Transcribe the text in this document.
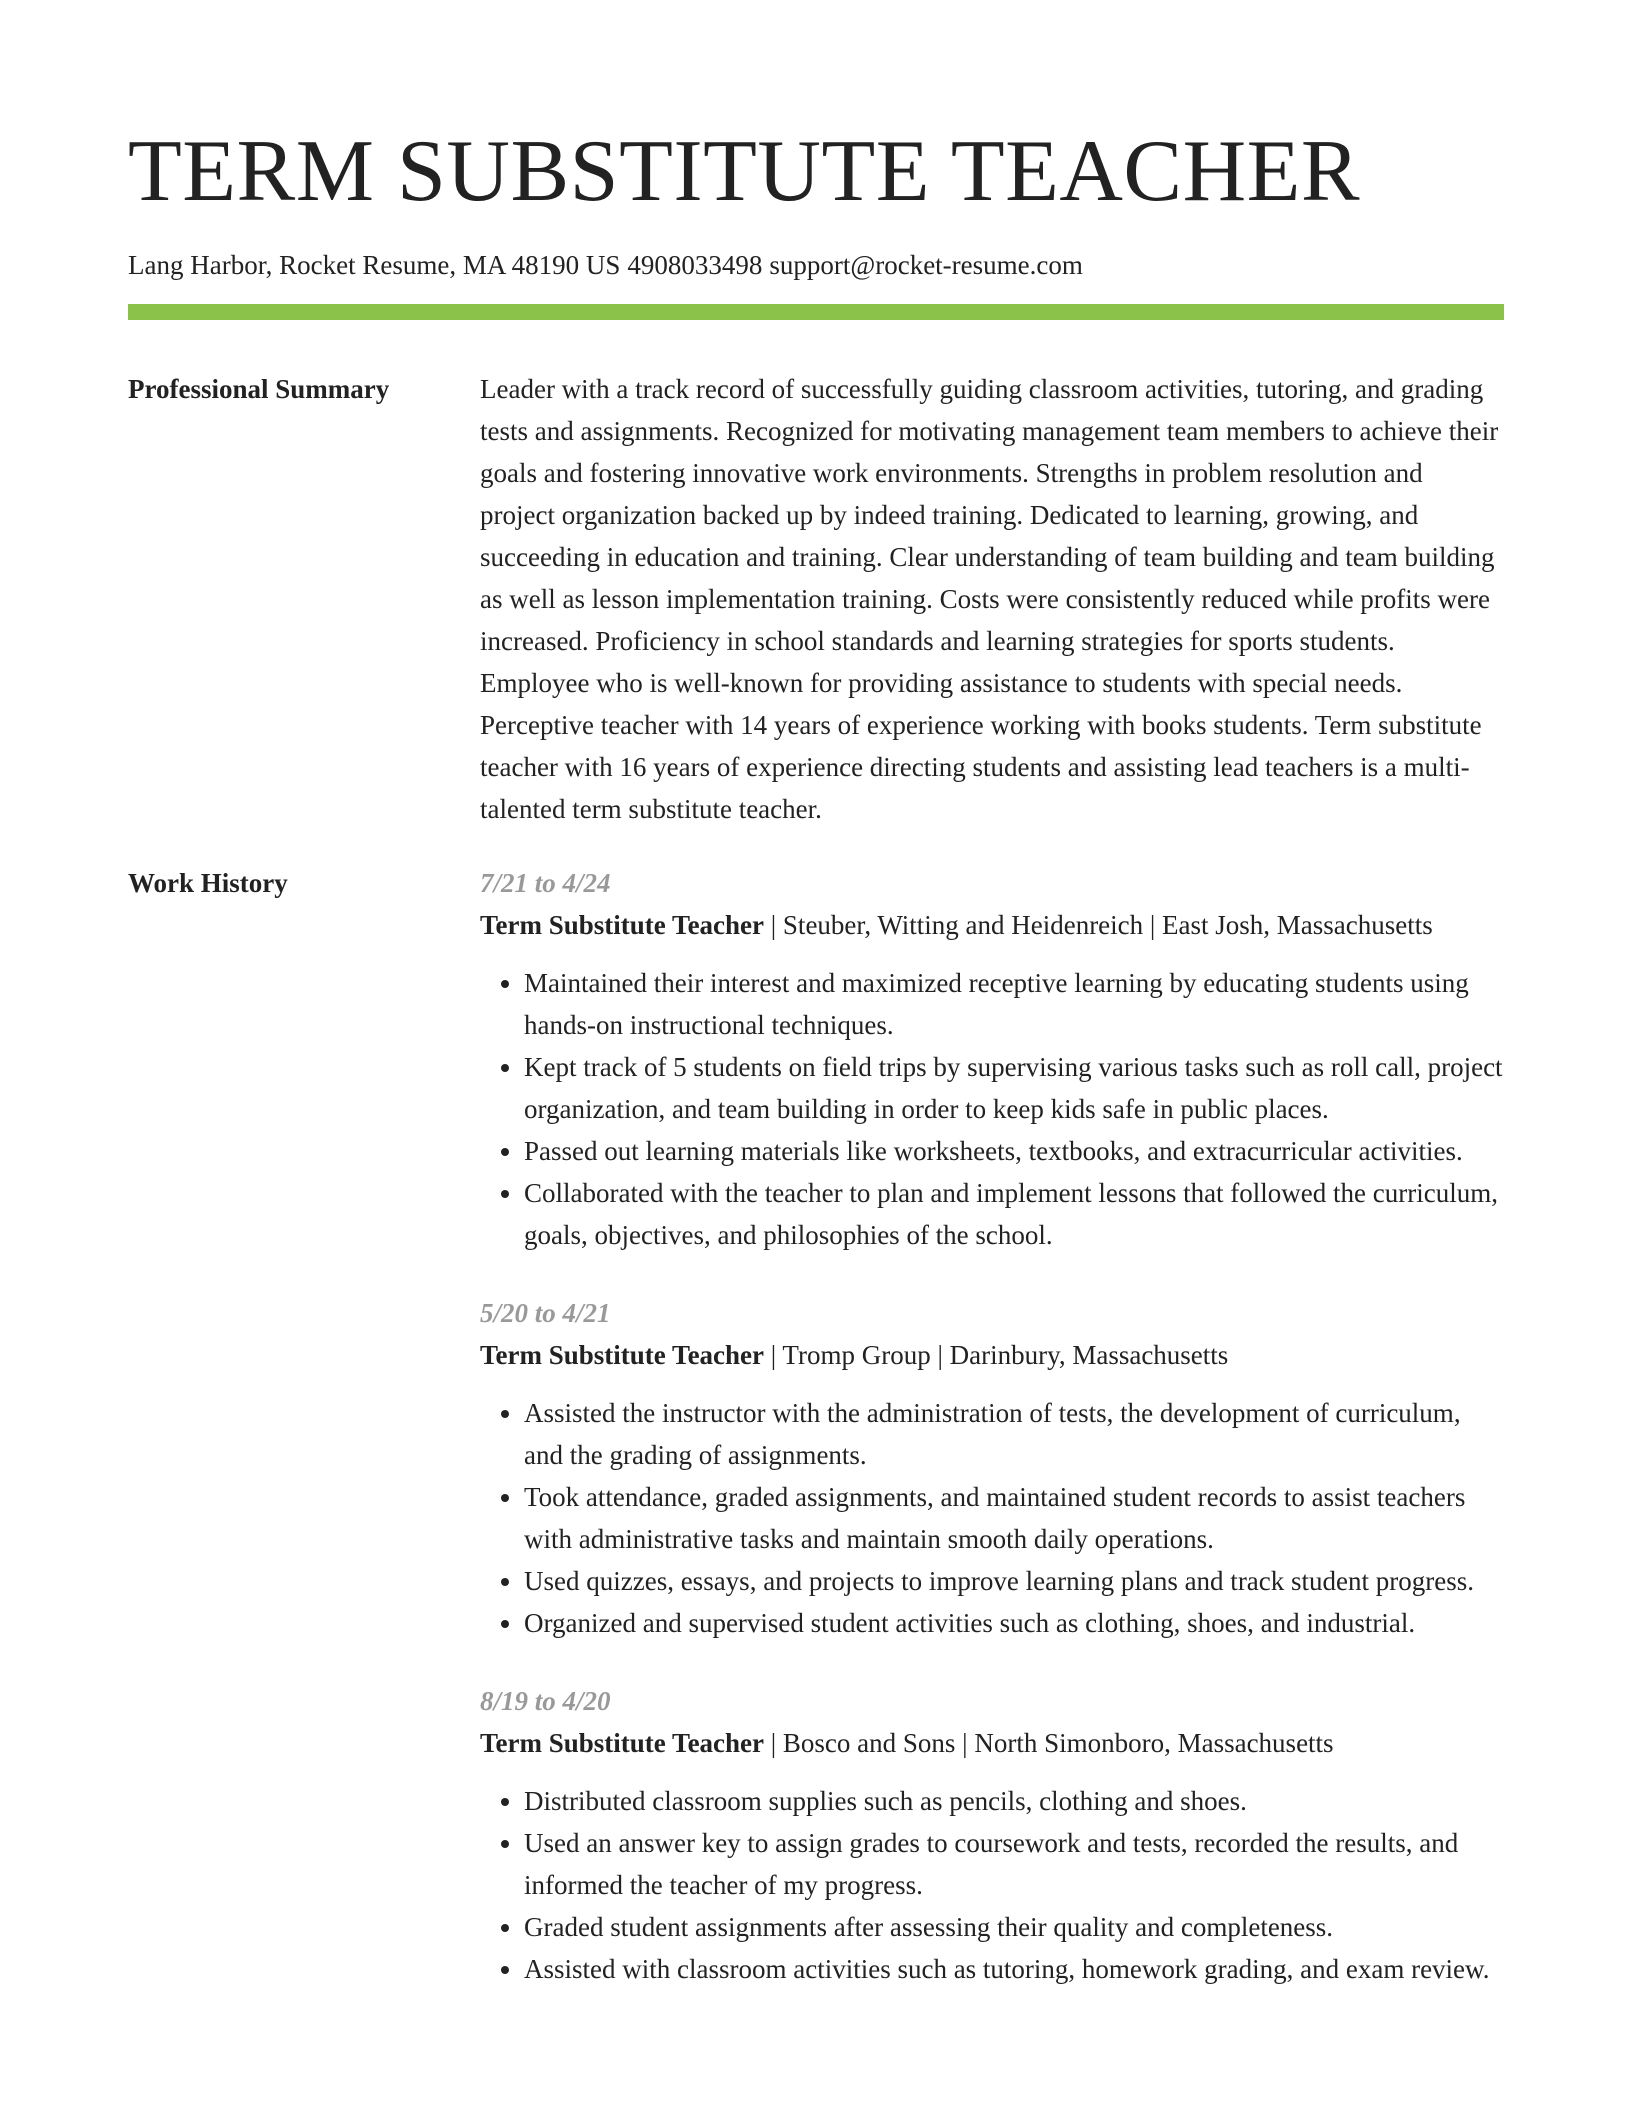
TERM SUBSTITUTE TEACHER
Lang Harbor, Rocket Resume, MA 48190 US 4908033498 support@rocket-resume.com
Professional Summary	Leader with a track record of successfully guiding classroom activities, tutoring, and grading tests and assignments. Recognized for motivating management team members to achieve their goals and fostering innovative work environments. Strengths in problem resolution and project organization backed up by indeed training. Dedicated to learning, growing, and succeeding in education and training. Clear understanding of team building and team building as well as lesson implementation training. Costs were consistently reduced while profits were increased. Proficiency in school standards and learning strategies for sports students. Employee who is well-known for providing assistance to students with special needs. Perceptive teacher with 14 years of experience working with books students. Term substitute teacher with 16 years of experience directing students and assisting lead teachers is a multi-talented term substitute teacher.

Work History	7/21 to 4/24
Term Substitute Teacher | Steuber, Witting and Heidenreich | East Josh, Massachusetts
• Maintained their interest and maximized receptive learning by educating students using hands-on instructional techniques.
• Kept track of 5 students on field trips by supervising various tasks such as roll call, project organization, and team building in order to keep kids safe in public places.
• Passed out learning materials like worksheets, textbooks, and extracurricular activities.
• Collaborated with the teacher to plan and implement lessons that followed the curriculum, goals, objectives, and philosophies of the school.
5/20 to 4/21
Term Substitute Teacher | Tromp Group | Darinbury, Massachusetts
• Assisted the instructor with the administration of tests, the development of curriculum, and the grading of assignments.
• Took attendance, graded assignments, and maintained student records to assist teachers with administrative tasks and maintain smooth daily operations.
• Used quizzes, essays, and projects to improve learning plans and track student progress.
• Organized and supervised student activities such as clothing, shoes, and industrial.
8/19 to 4/20
Term Substitute Teacher | Bosco and Sons | North Simonboro, Massachusetts
• Distributed classroom supplies such as pencils, clothing and shoes.
• Used an answer key to assign grades to coursework and tests, recorded the results, and informed the teacher of my progress.
• Graded student assignments after assessing their quality and completeness.
• Assisted with classroom activities such as tutoring, homework grading, and exam review.
